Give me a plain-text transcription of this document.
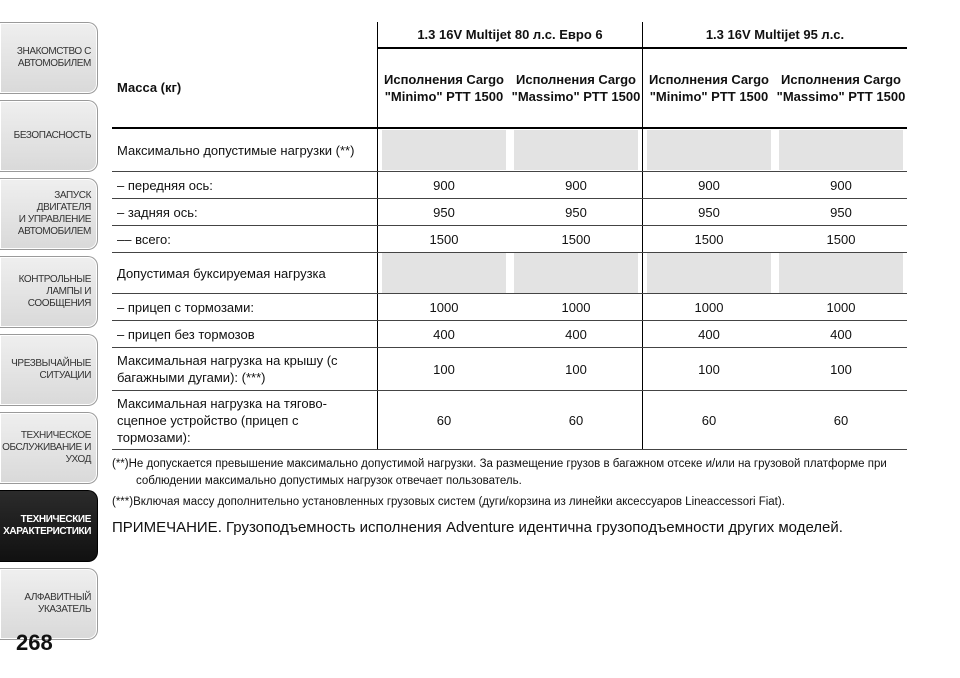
ЗНАКОМСТВО С
АВТОМОБИЛЕМ
БЕЗОПАСНОСТЬ
ЗАПУСК ДВИГАТЕЛЯ
И УПРАВЛЕНИЕ
АВТОМОБИЛЕМ
КОНТРОЛЬНЫЕ
ЛАМПЫ И
СООБЩЕНИЯ
ЧРЕЗВЫЧАЙНЫЕ
СИТУАЦИИ
ТЕХНИЧЕСКОЕ
ОБСЛУЖИВАНИЕ И
УХОД
ТЕХНИЧЕСКИЕ
ХАРАКТЕРИСТИКИ
АЛФАВИТНЫЙ
УКАЗАТЕЛЬ
268
	1.3 16V Multijet 80 л.с. Евро 6		1.3 16V Multijet 95 л.с.	
Масса (кг)	Исполнения Cargo "Minimo" PTT 1500	Исполнения Cargo "Massimo" PTT 1500	Исполнения Cargo "Minimo" PTT 1500	Исполнения Cargo "Massimo" PTT 1500
Максимально допустимые нагрузки (**)	

– передняя ось:	900	900	900	900
– задняя ось:	950	950	950	950
–– всего:	1500	1500	1500	1500
Допустимая буксируемая нагрузка	

– прицеп с тормозами:	1000	1000	1000	1000
– прицеп без тормозов	400	400	400	400
Максимальная нагрузка на крышу (с багажными дугами): (***)	100	100	100	100
Максимальная нагрузка на тягово-сцепное устройство (прицеп с тормозами):	60	60	60	60
(**)Не допускается превышение максимально допустимой нагрузки. За размещение грузов в багажном отсеке и/или на грузовой платформе при соблюдении максимально допустимых нагрузок отвечает пользователь.
(***)Включая массу дополнительно установленных грузовых систем (дуги/корзина из линейки аксессуаров Lineaccessori Fiat).
ПРИМЕЧАНИЕ. Грузоподъемность исполнения Adventure идентична грузоподъемности других моделей.
